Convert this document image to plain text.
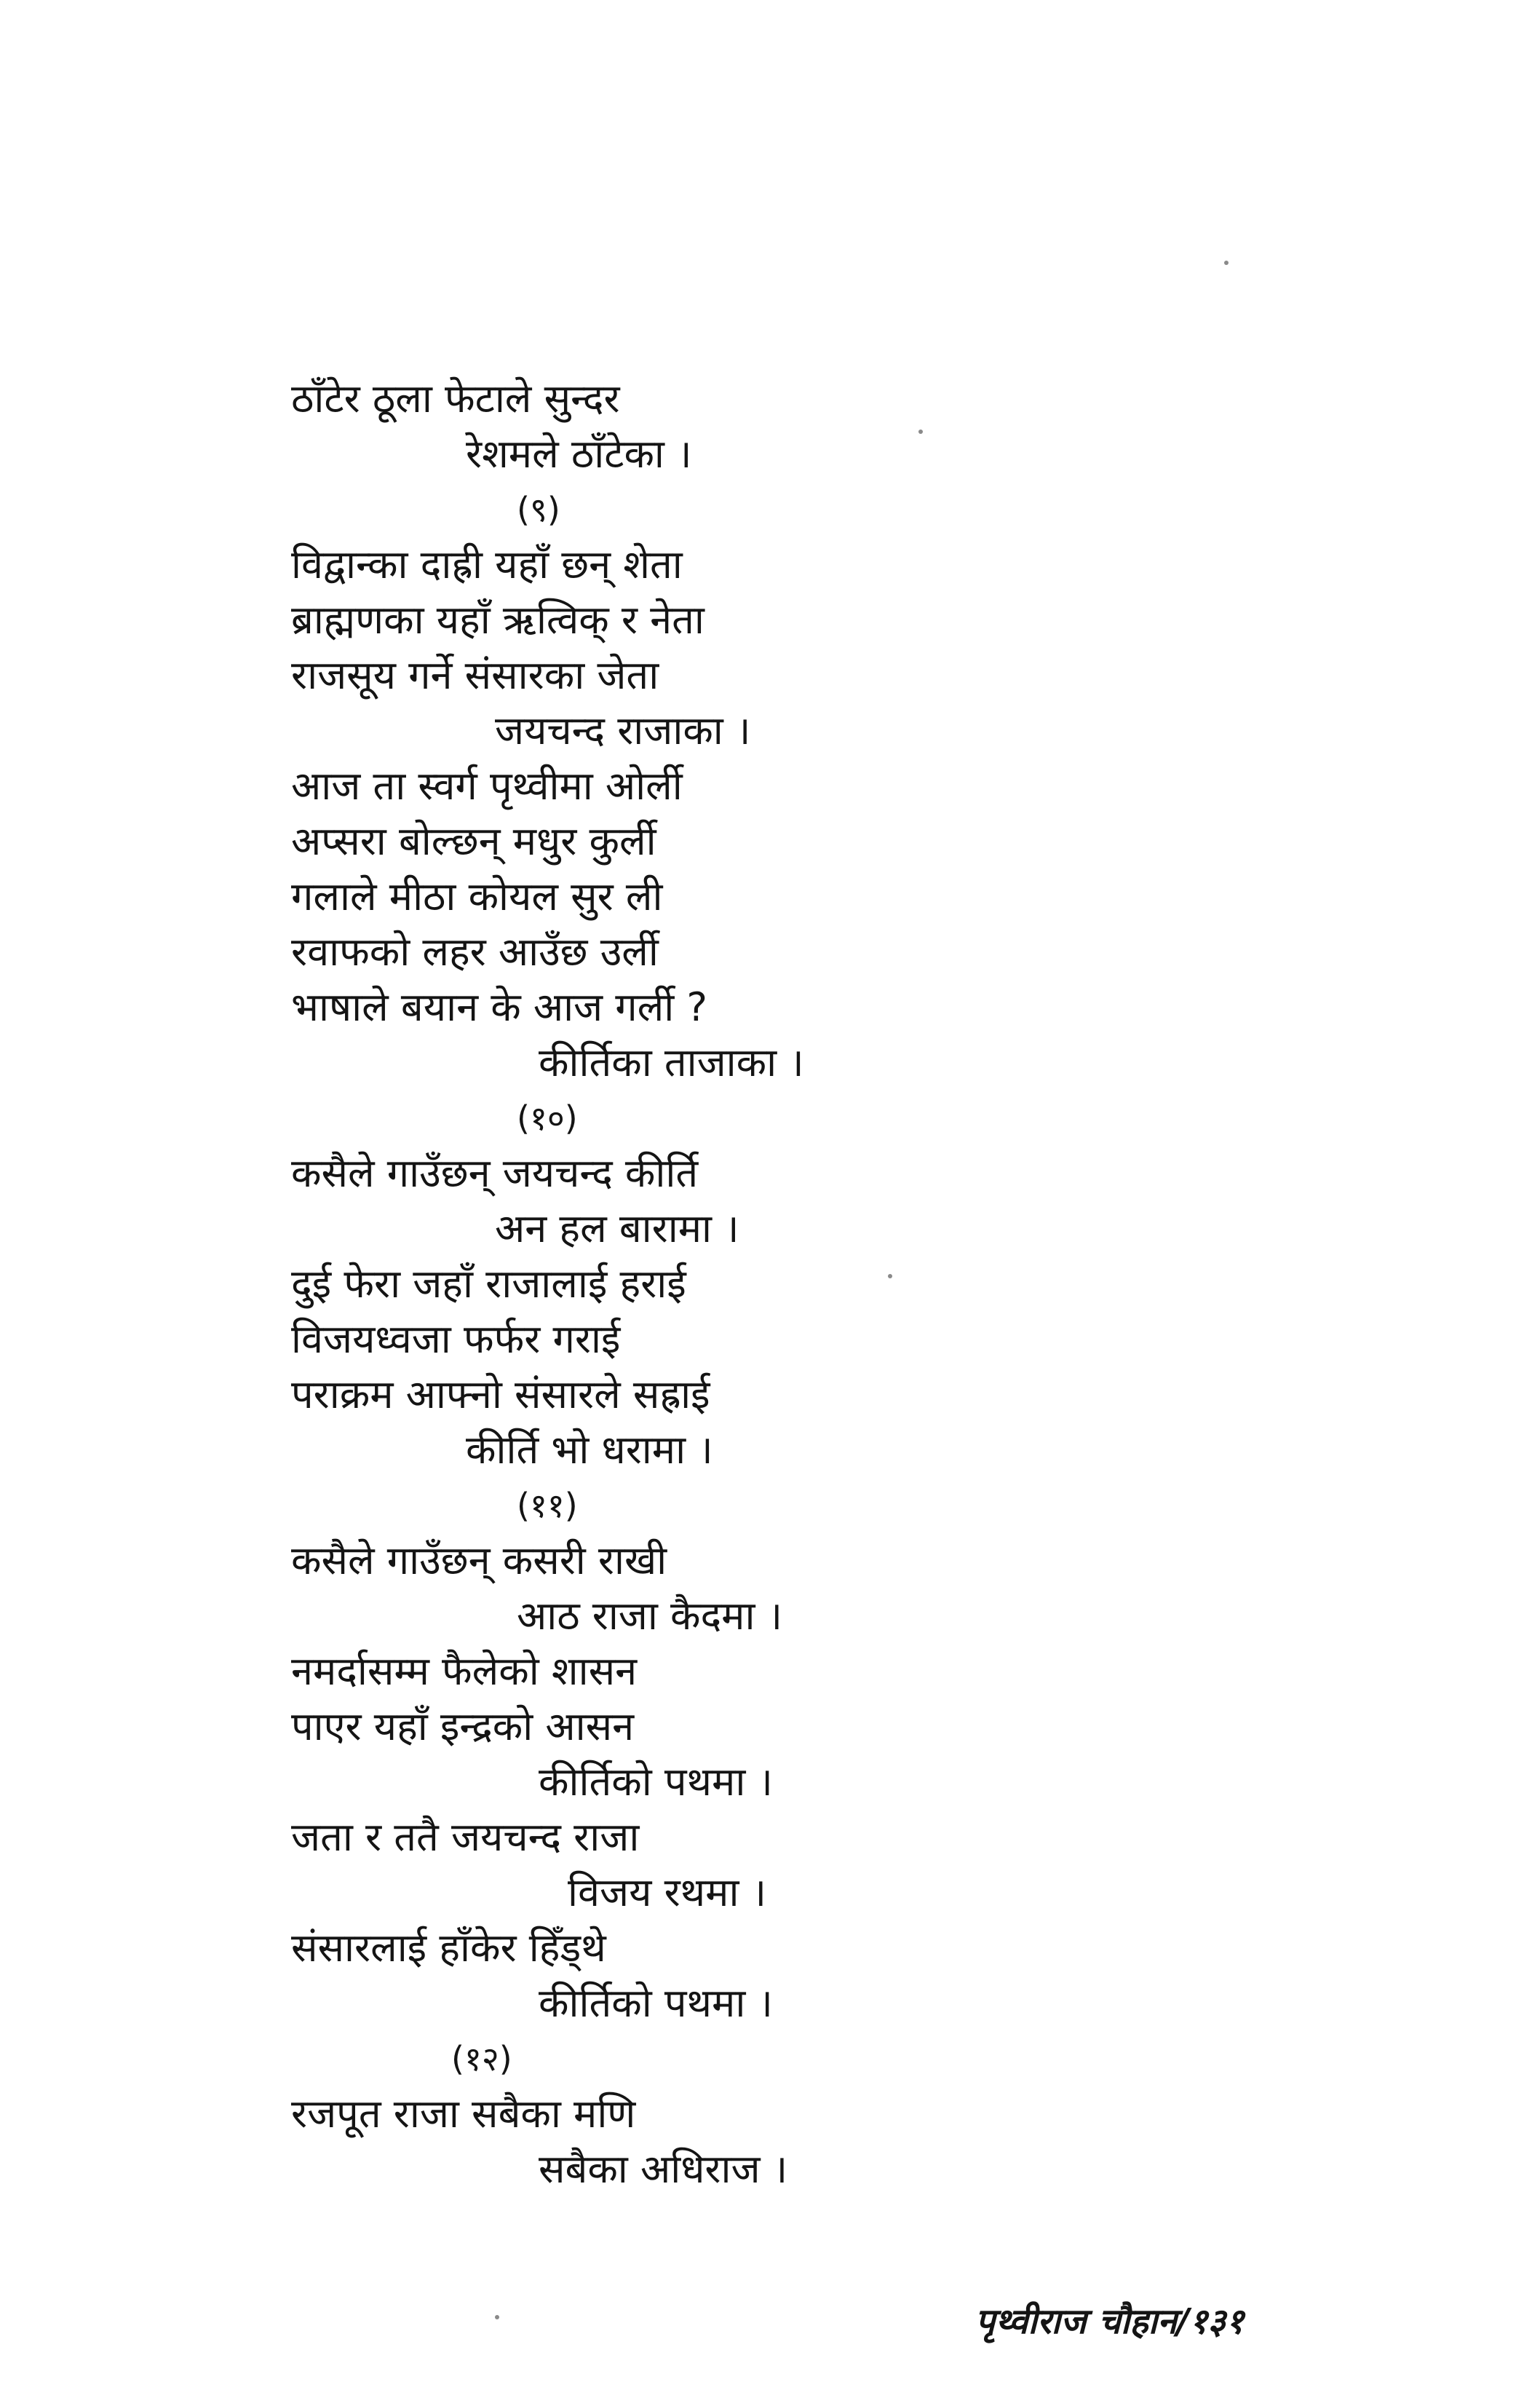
ठाँटेर ठूला फेटाले सुन्दर
रेशमले ठाँटेका ।
(९)
विद्वान्का दाह्री यहाँ छन् शेता
ब्राह्मणका यहाँ ऋत्विक् र नेता
राजसूय गर्ने संसारका जेता
जयचन्द राजाका ।
आज ता स्वर्ग पृथ्वीमा ओर्ली
अप्सरा बोल्छन् मधुर कुर्ली
गलाले मीठा कोयल सुर ली
रवाफको लहर आउँछ उर्ली
भाषाले बयान के आज गर्ली ?
कीर्तिका ताजाका ।
(१०)
कसैले गाउँछन् जयचन्द कीर्ति
अन हल बारामा ।
दुई फेरा जहाँ राजालाई हराई
विजयध्वजा फर्फर गराई
पराक्रम आफ्नो संसारले सह्राई
कीर्ति भो धरामा ।
(११)
कसैले गाउँछन् कसरी राखी
आठ राजा कैदमा ।
नमर्दासम्म फैलेको शासन
पाएर यहाँ इन्द्रको आसन
कीर्तिको पथमा ।
जता र ततै जयचन्द राजा
विजय रथमा ।
संसारलाई हाँकेर हिँड्थे
कीर्तिको पथमा ।
(१२)
रजपूत राजा सबैका मणि
सबैका अधिराज ।
पृथ्वीराज चौहान/१३१
